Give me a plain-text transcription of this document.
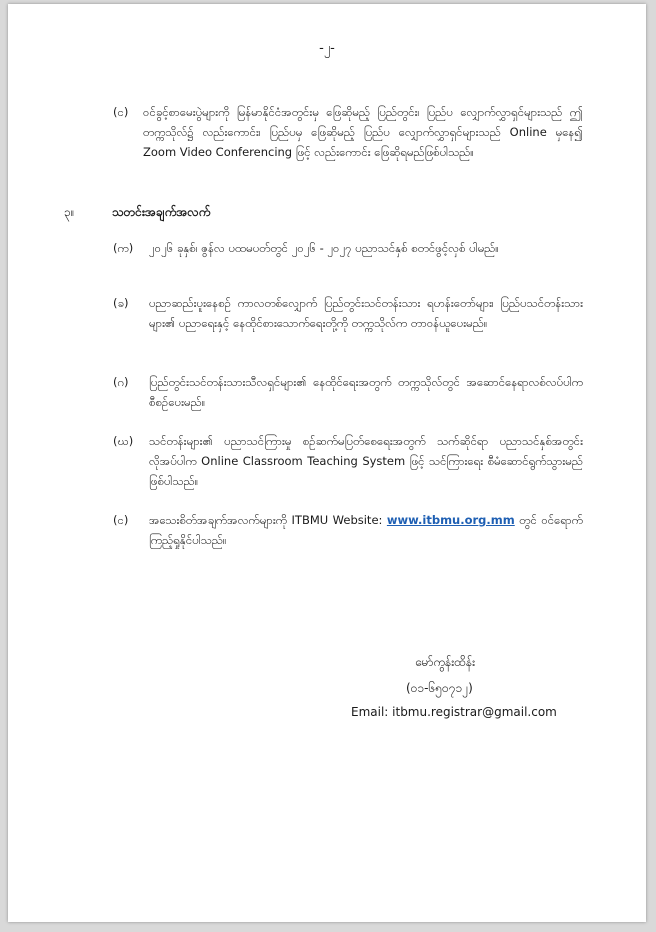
-၂-
(င) ဝင်ခွင့်စာမေးပွဲများကို မြန်မာနိုင်ငံအတွင်းမှ ဖြေဆိုမည့် ပြည်တွင်း၊ ပြည်ပ လျှောက်လွှာရှင်များသည် ဤတက္ကသိုလ်၌ လည်းကောင်း၊ ပြည်ပမှ ဖြေဆိုမည့် ပြည်ပ လျှောက်လွှာရှင်များသည် Online မှနေ၍ Zoom Video Conferencing ဖြင့် လည်းကောင်း ဖြေဆိုရမည်ဖြစ်ပါသည်။

၃။	သတင်းအချက်အလက်
(က) ၂၀၂၆ ခုနှစ်၊ ဇွန်လ ပထမပတ်တွင် ၂၀၂၆ - ၂၀၂၇ ပညာသင်နှစ် စတင်ဖွင့်လှစ် ပါမည်။

(ခ) ပညာဆည်းပူးနေစဉ် ကာလတစ်လျှောက် ပြည်တွင်းသင်တန်းသား ရဟန်းတော်များ၊ ပြည်ပသင်တန်းသားများ၏ ပညာရေးနှင့် နေထိုင်စားသောက်ရေးတို့ကို တက္ကသိုလ်က တာဝန်ယူပေးမည်။

(ဂ) ပြည်တွင်းသင်တန်းသားသီလရှင်များ၏ နေထိုင်ရေးအတွက် တက္ကသိုလ်တွင် အဆောင်နေရာလစ်လပ်ပါက စီစဉ်ပေးမည်။

(ဃ) သင်တန်းများ၏ ပညာသင်ကြားမှု စဉ်ဆက်မပြတ်စေရေးအတွက် သက်ဆိုင်ရာ ပညာသင်နှစ်အတွင်း လိုအပ်ပါက Online Classroom Teaching System ဖြင့် သင်ကြားရေး စီမံဆောင်ရွက်သွားမည် ဖြစ်ပါသည်။

(င) အသေးစိတ်အချက်အလက်များကို ITBMU Website: www.itbmu.org.mm တွင် ဝင်ရောက်ကြည့်ရှုနိုင်ပါသည်။

မော်ကွန်းထိန်း
(၀၁-၆၅၀၇၁၂)
Email: itbmu.registrar@gmail.com
